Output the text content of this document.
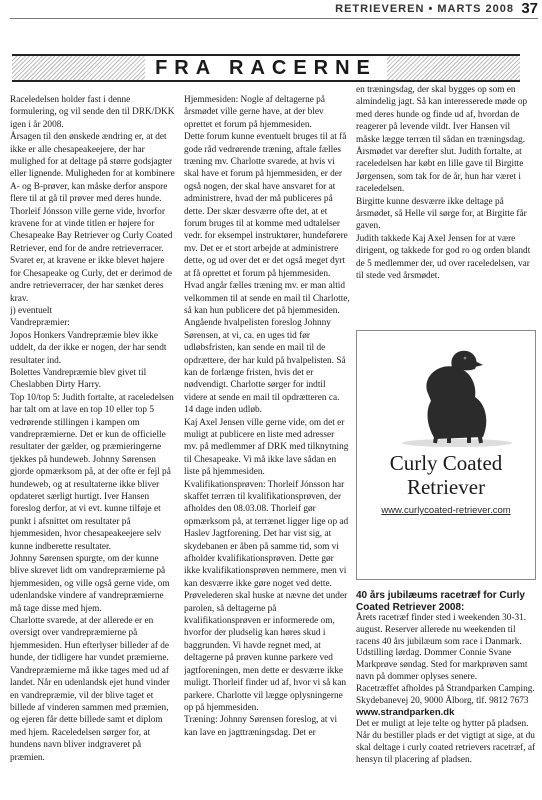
RETRIEVEREN • MARTS 2008 37
FRA RACERNE

Raceledelsen holder fast i denne formulering, og vil sende den til DRK/DKK igen i år 2008.

Årsagen til den ønskede ændring er, at det ikke er alle chesapeakeejere, der har mulighed for at deltage på større godsjagter eller lignende. Muligheden for at kombinere A- og B-prøver, kan måske derfor anspore flere til at gå til prøver med deres hunde.

Thorleif Jónsson ville gerne vide, hvorfor kravene for at vinde titlen er højere for Chesapeake Bay Retriever og Curly Coated Retriever, end for de andre retrieverracer. Svaret er, at kravene er ikke blevet højere for Chesapeake og Curly, det er derimod de andre retrieverracer, der har sænket deres krav.

j) eventuelt

Vandrepræmier:

Jopos Honkers Vandrepræmie blev ikke uddelt, da der ikke er nogen, der har sendt resultater ind.

Bolettes Vandrepræmie blev givet til Cheslabben Dirty Harry.

Top 10/top 5: Judith fortalte, at raceledelsen har talt om at lave en top 10 eller top 5 vedrørende stillingen i kampen om vandrepræmierne. Det er kun de officielle resultater der gælder, og præmieringerne tjekkes på hundeweb. Johnny Sørensen gjorde opmærksom på, at der ofte er fejl på hundeweb, og at resultaterne ikke bliver opdateret særligt hurtigt. Iver Hansen foreslog derfor, at vi evt. kunne tilføje et punkt i afsnittet om resultater på hjemmesiden, hvor chesapeakeejere selv kunne indberette resultater.

Johnny Sørensen spurgte, om der kunne blive skrevet lidt om vandrepræmierne på hjemmesiden, og ville også gerne vide, om udenlandske vindere af vandrepræmierne må tage disse med hjem.

Charlotte svarede, at der allerede er en oversigt over vandrepræmierne på hjemmesiden. Hun efterlyser billeder af de hunde, der tidligere har vundet præmierne. Vandrepræmierne må ikke tages med ud af landet. Når en udenlandsk ejet hund vinder en vandrepræmie, vil der blive taget et billede af vinderen sammen med præmien, og ejeren får dette billede samt et diplom med hjem. Raceledelsen sørger for, at hundens navn bliver indgraveret på præmien.

Hjemmesiden: Nogle af deltagerne på årsmødet ville gerne have, at der blev oprettet et forum på hjemmesiden.

Dette forum kunne eventuelt bruges til at få gode råd vedrørende træning, aftale fælles træning mv. Charlotte svarede, at hvis vi skal have et forum på hjemmesiden, er der også nogen, der skal have ansvaret for at administrere, hvad der må publiceres på dette. Der skær desværre ofte det, at et forum bruges til at komme med udtalelser vedr. for eksempel instruktører, hundeførere mv. Det er et stort arbejde at administrere dette, og ud over det er det også meget dyrt at få oprettet et forum på hjemmesiden.

Hvad angår fælles træning mv. er man altid velkommen til at sende en mail til Charlotte, så kan hun publicere det på hjemmesiden.

Angående hvalpelisten foreslog Johnny Sørensen, at vi, ca. en uges tid før udløbsfristen, kan sende en mail til de opdrættere, der har kuld på hvalpelisten. Så kan de forlænge fristen, hvis det er nødvendigt. Charlotte sørger for indtil videre at sende en mail til opdrætteren ca. 14 dage inden udløb.

Kaj Axel Jensen ville gerne vide, om det er muligt at publicere en liste med adresser mv. på medlemmer af DRK med tilknytning til Chesapeake. Vi må ikke lave sådan en liste på hjemmesiden.

Kvalifikationsprøven: Thorleif Jónsson har skaffet terræn til kvalifikationsprøven, der afholdes den 08.03.08. Thorleif gør opmærksom på, at terrænet ligger lige op ad Haslev Jagtforening. Det har vist sig, at skydebanen er åben på samme tid, som vi afholder kvalifikationsprøven. Dette gør ikke kvalifikationsprøven nemmere, men vi kan desværre ikke gøre noget ved dette.

Prøvelederen skal huske at nævne det under parolen, så deltagerne på kvalifikationsprøven er informerede om, hvorfor der pludselig kan høres skud i baggrunden. Vi havde regnet med, at deltagerne på prøven kunne parkere ved jagtforeningen, men dette er desværre ikke muligt. Thorleif finder ud af, hvor vi så kan parkere. Charlotte vil lægge oplysningerne op på hjemmesiden.

Træning: Johnny Sørensen foreslog, at vi kan lave en jagttræningsdag. Det er

en træningsdag, der skal bygges op som en almindelig jagt. Så kan interesserede møde op med deres hunde og finde ud af, hvordan de reagerer på levende vildt. Iver Hansen vil måske lægge terræn til sådan en træningsdag.

Årsmødet var derefter slut. Judith fortalte, at raceledelsen har købt en lille gave til Birgitte Jørgensen, som tak for de år, hun har været i raceledelsen.

Birgitte kunne desværre ikke deltage på årsmødet, så Helle vil sørge for, at Birgitte får gaven.

Judith takkede Kaj Axel Jensen for at være dirigent, og takkede for god ro og orden blandt de 5 medlemmer der, ud over raceledelsen, var til stede ved årsmødet.

Curly Coated Retriever
www.curlycoated-retriever.com

40 års jubilæums racetræf for Curly Coated Retriever 2008:

Årets racetræf finder sted i weekenden 30-31. august. Reserver allerede nu weekenden til racens 40 års jubilæum som race i Danmark.

Udstilling lørdag. Dommer Connie Svane

Markprøve søndag. Sted for markprøven samt navn på dommer oplyses senere.

Racetræffet afholdes på Strandparken Camping. Skydebanevej 20, 9000 Ålborg, tlf. 9812 7673

www.strandparken.dk

Det er muligt at leje telte og hytter på pladsen.

Når du bestiller plads er det vigtigt at sige, at du skal deltage i curly coated retrievers racetræf, af hensyn til placering af pladsen.
